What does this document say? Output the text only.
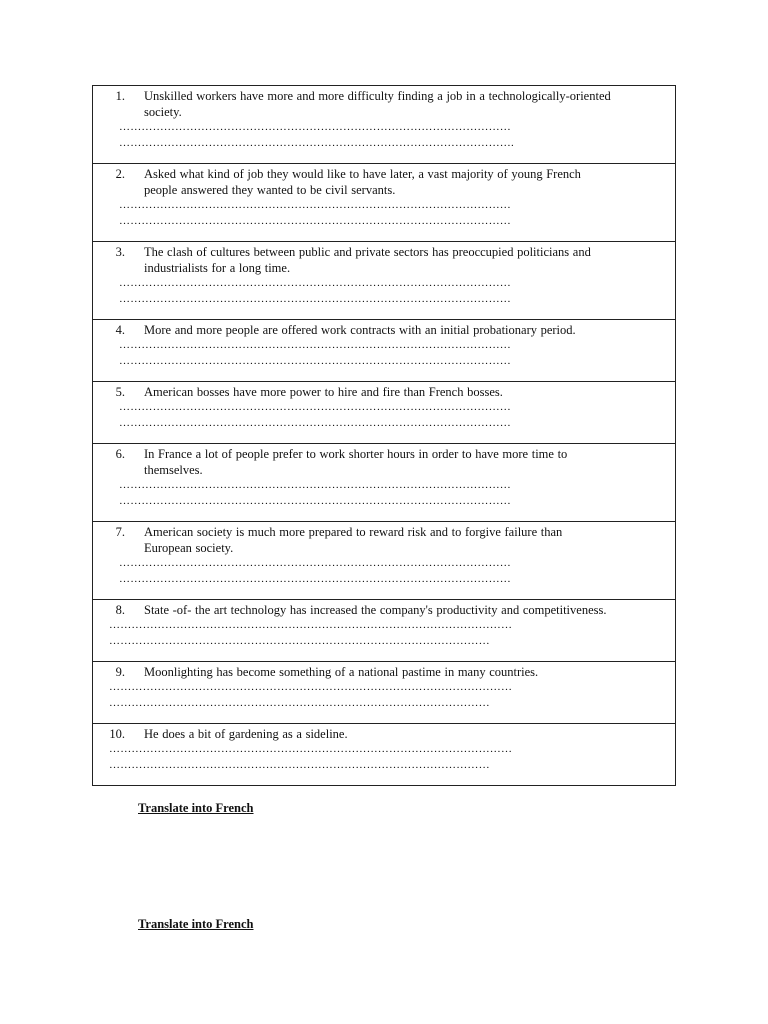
1. Unskilled workers have more and more difficulty finding a job in a technologically-oriented
society.
……………………………………………………………………………………………
…………………………………………………………………………………………….

2. Asked what kind of job they would like to have later, a vast majority of young French
people answered they wanted to be civil servants.
……………………………………………………………………………………………
……………………………………………………………………………………………

3. The clash of cultures between public and private sectors has preoccupied politicians and
industrialists for a long time.
……………………………………………………………………………………………
……………………………………………………………………………………………

4. More and more people are offered work contracts with an initial probationary period.
……………………………………………………………………………………………
……………………………………………………………………………………………

5. American bosses have more power to hire and fire than French bosses.
……………………………………………………………………………………………
……………………………………………………………………………………………

6. In France a lot of people prefer to work shorter hours in order to have more time to
themselves.
……………………………………………………………………………………………
……………………………………………………………………………………………

7. American society is much more prepared to reward risk and to forgive failure than
European society.
……………………………………………………………………………………………
……………………………………………………………………………………………

8. State -of- the art technology has increased the company's productivity and competitiveness.
………………………………………………………………………………………………
…………………………………………………………………………………………

9. Moonlighting has become something of a national pastime in many countries.
………………………………………………………………………………………………
…………………………………………………………………………………………

10. He does a bit of gardening as a sideline.
………………………………………………………………………………………………
…………………………………………………………………………………………
Translate into French
Translate into French
